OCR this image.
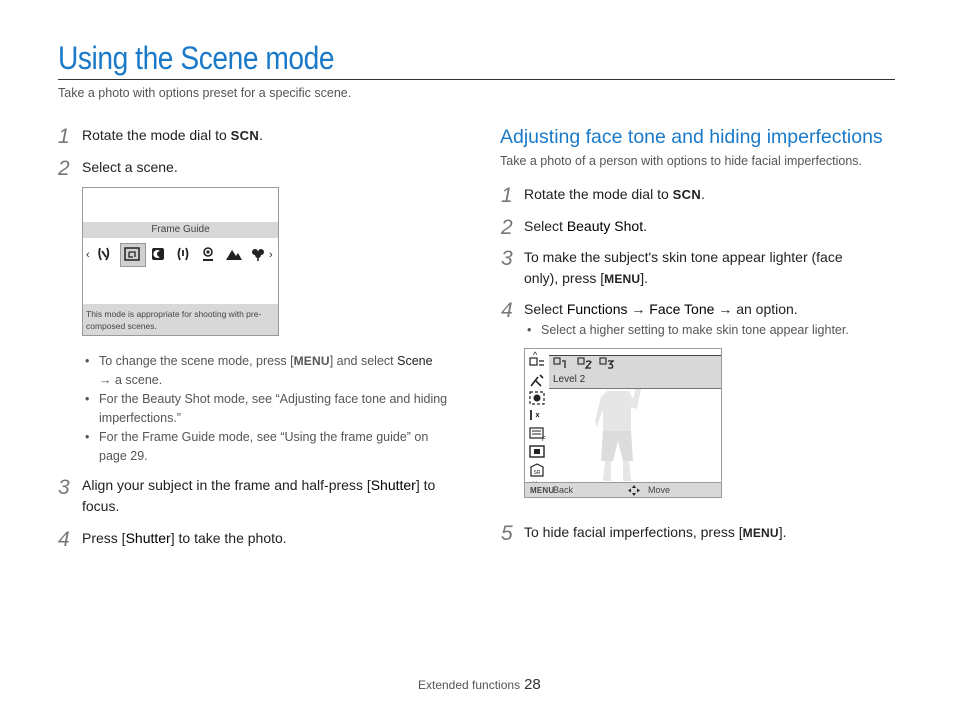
Using the Scene mode
Take a photo with options preset for a specific scene.
1 Rotate the mode dial to SCN.
2 Select a scene.
Frame Guide
‹	›
This mode is appropriate for shooting with pre-composed scenes.
• To change the scene mode, press [MENU] and select Scene
→ a scene.
• For the Beauty Shot mode, see “Adjusting face tone and hiding imperfections.”
• For the Frame Guide mode, see “Using the frame guide” on page 29.
3 Align your subject in the frame and half-press [Shutter] to focus.
4 Press [Shutter] to take the photo.
Adjusting face tone and hiding imperfections
Take a photo of a person with options to hide facial imperfections.
1 Rotate the mode dial to SCN.
2 Select Beauty Shot.
3 To make the subject's skin tone appear lighter (face
only), press [MENU].
4 Select Functions → Face Tone → an option.
• Select a higher setting to make skin tone appear lighter.
^
F
SR
Level 2
MENU
Back	Move
5 To hide facial imperfections, press [MENU].
Extended functions 28
